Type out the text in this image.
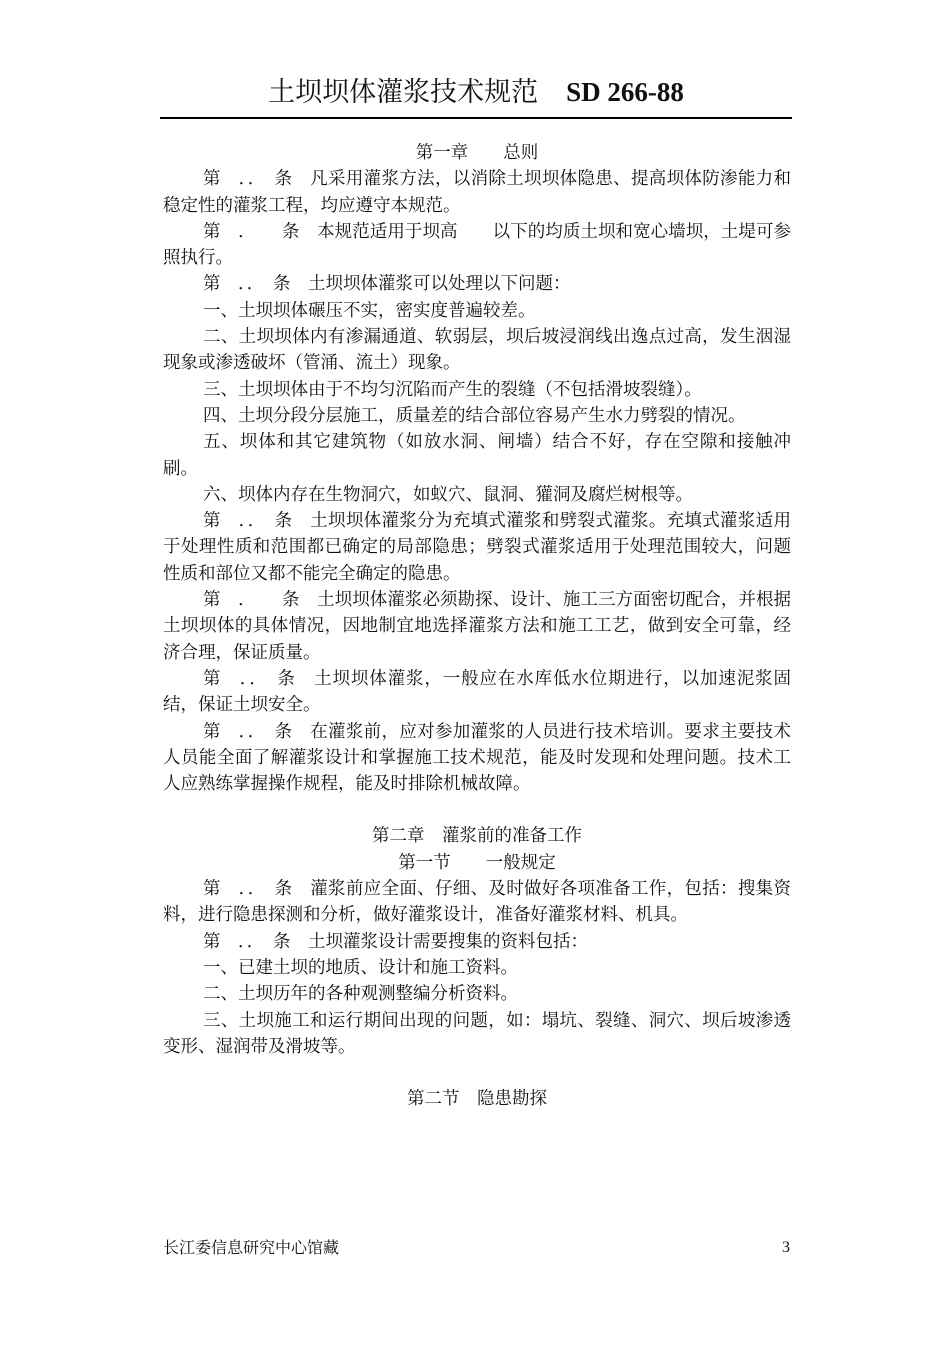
土坝坝体灌浆技术规范 SD 266-88

第一章　　总则

第　．．　条　凡采用灌浆方法，以消除土坝坝体隐患、提高坝体防渗能力和稳定性的灌浆工程，均应遵守本规范。

第　．　　条　本规范适用于坝高　　以下的均质土坝和宽心墙坝，土堤可参照执行。

第　．．　条　土坝坝体灌浆可以处理以下问题：

一、土坝坝体碾压不实，密实度普遍较差。

二、土坝坝体内有渗漏通道、软弱层，坝后坡浸润线出逸点过高，发生洇湿现象或渗透破坏（管涌、流土）现象。

三、土坝坝体由于不均匀沉陷而产生的裂缝（不包括滑坡裂缝）。

四、土坝分段分层施工，质量差的结合部位容易产生水力劈裂的情况。

五、坝体和其它建筑物（如放水洞、闸墙）结合不好，存在空隙和接触冲刷。

六、坝体内存在生物洞穴，如蚁穴、鼠洞、獾洞及腐烂树根等。

第　．．　条　土坝坝体灌浆分为充填式灌浆和劈裂式灌浆。充填式灌浆适用于处理性质和范围都已确定的局部隐患；劈裂式灌浆适用于处理范围较大，问题性质和部位又都不能完全确定的隐患。

第　．　　条　土坝坝体灌浆必须勘探、设计、施工三方面密切配合，并根据土坝坝体的具体情况，因地制宜地选择灌浆方法和施工工艺，做到安全可靠，经济合理，保证质量。

第　．．　条　土坝坝体灌浆，一般应在水库低水位期进行，以加速泥浆固结，保证土坝安全。

第　．．　条　在灌浆前，应对参加灌浆的人员进行技术培训。要求主要技术人员能全面了解灌浆设计和掌握施工技术规范，能及时发现和处理问题。技术工人应熟练掌握操作规程，能及时排除机械故障。

第二章　灌浆前的准备工作

第一节　　一般规定

第　．．　条　灌浆前应全面、仔细、及时做好各项准备工作，包括：搜集资料，进行隐患探测和分析，做好灌浆设计，准备好灌浆材料、机具。

第　．．　条　土坝灌浆设计需要搜集的资料包括：

一、已建土坝的地质、设计和施工资料。

二、土坝历年的各种观测整编分析资料。

三、土坝施工和运行期间出现的问题，如：塌坑、裂缝、洞穴、坝后坡渗透变形、湿润带及滑坡等。

第二节　隐患勘探

长江委信息研究中心馆藏	3
